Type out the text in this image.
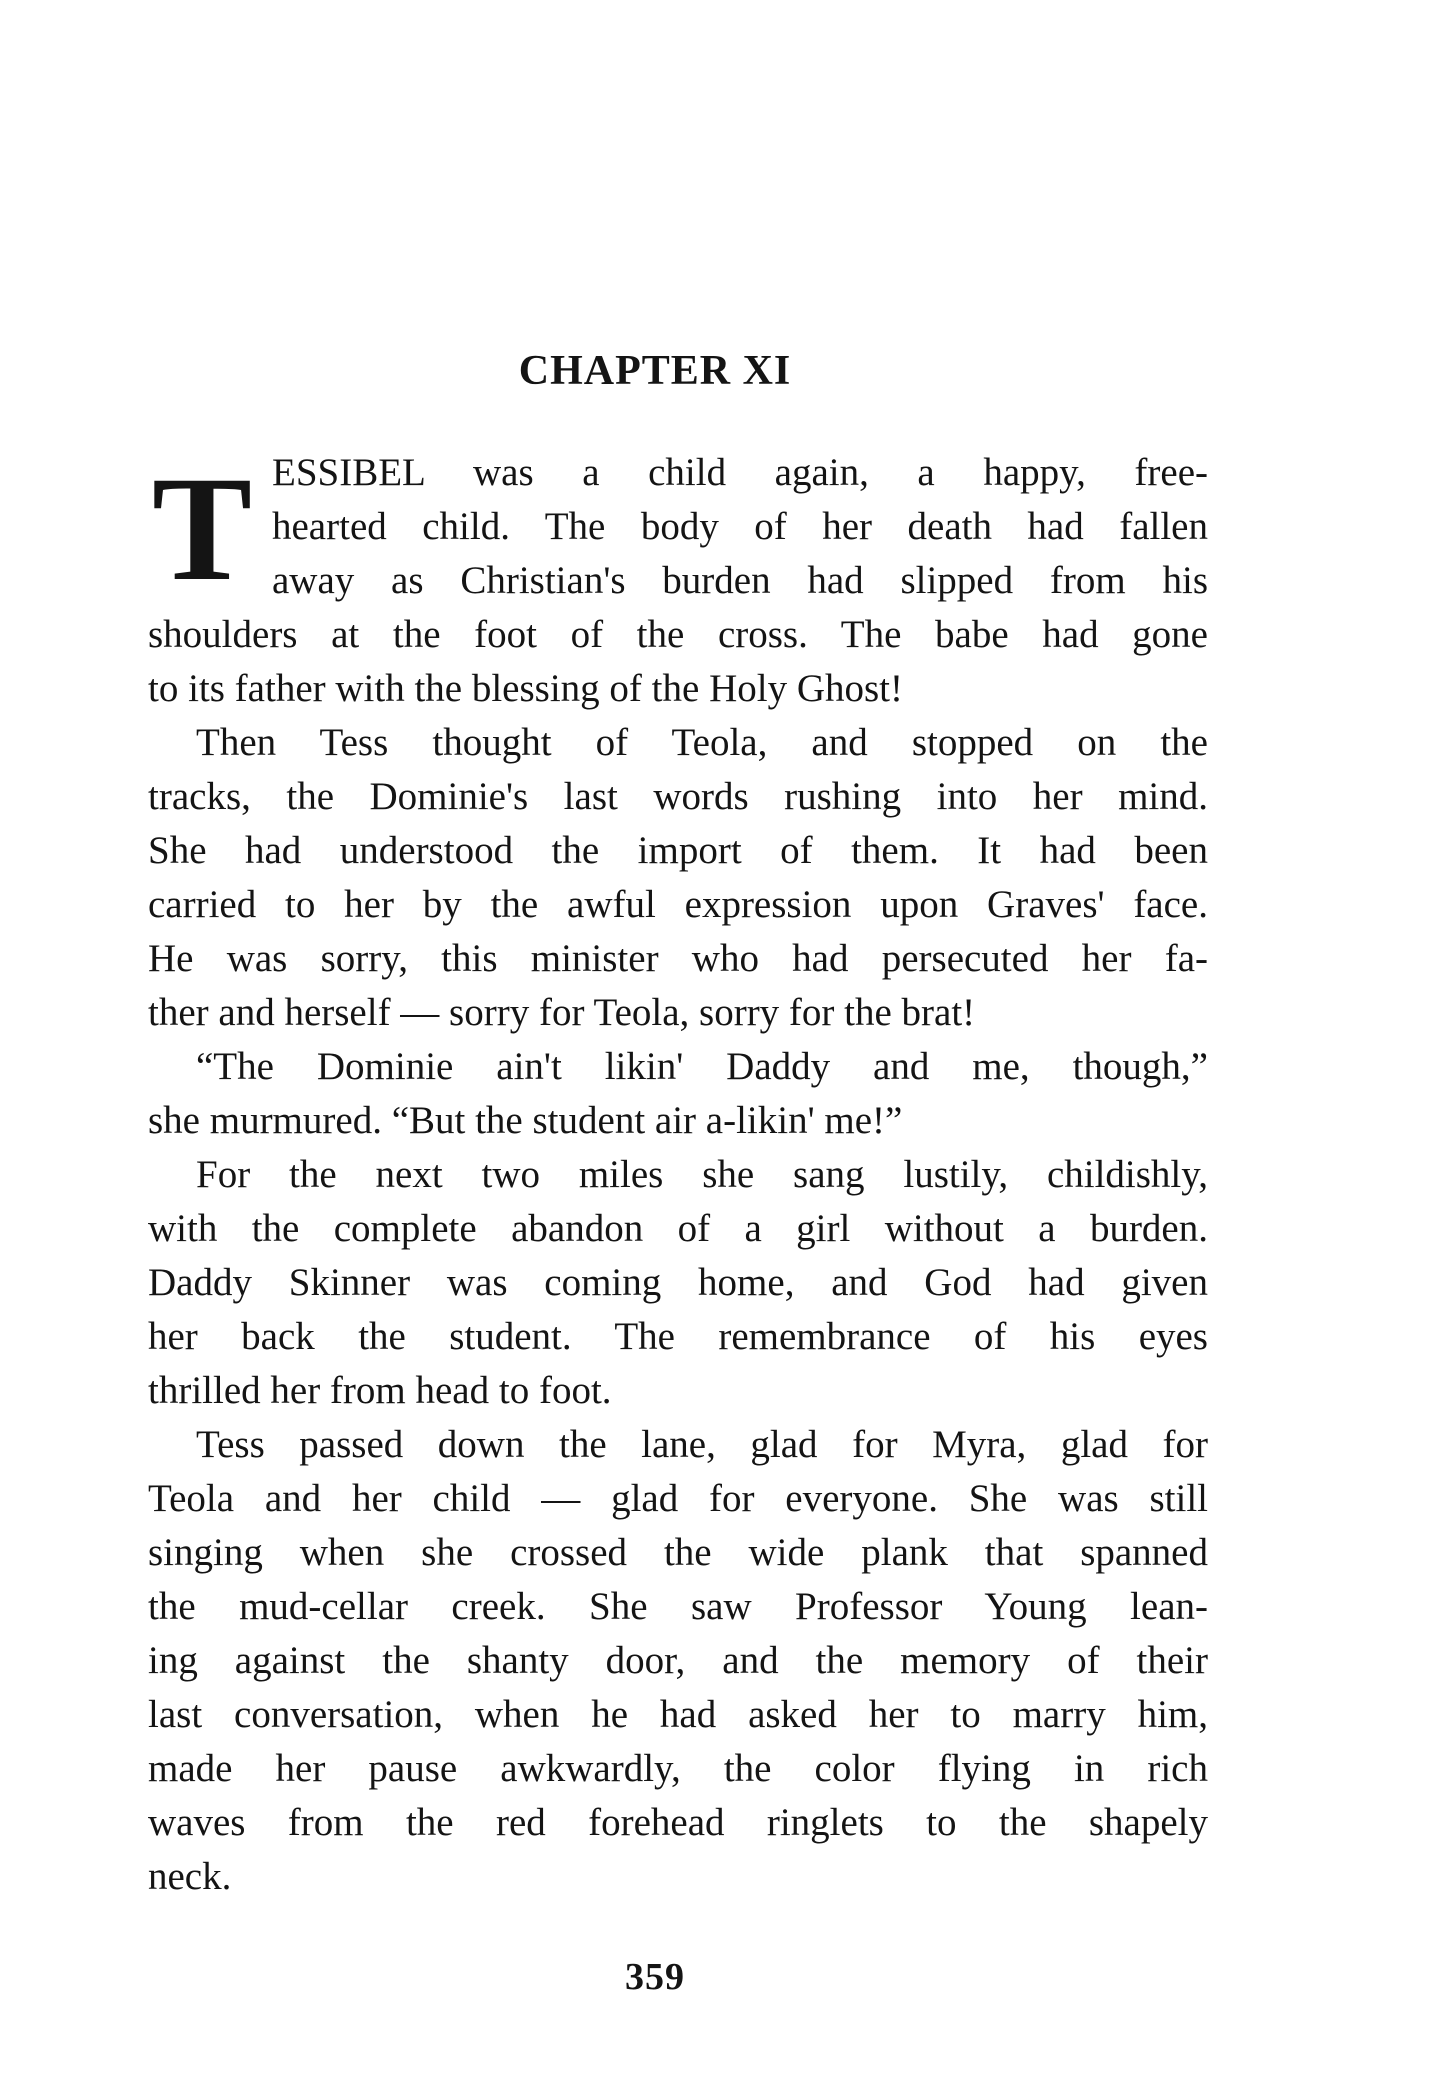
CHAPTER XI
T ESSIBEL was a child again, a happy, free-
hearted child. The body of her death had fallen
away as Christian's burden had slipped from his
shoulders at the foot of the cross. The babe had gone
to its father with the blessing of the Holy Ghost!
Then Tess thought of Teola, and stopped on the
tracks, the Dominie's last words rushing into her mind.
She had understood the import of them. It had been
carried to her by the awful expression upon Graves' face.
He was sorry, this minister who had persecuted her fa-
ther and herself — sorry for Teola, sorry for the brat!
“The Dominie ain't likin' Daddy and me, though,”
she murmured. “But the student air a-likin' me!”
For the next two miles she sang lustily, childishly,
with the complete abandon of a girl without a burden.
Daddy Skinner was coming home, and God had given
her back the student. The remembrance of his eyes
thrilled her from head to foot.
Tess passed down the lane, glad for Myra, glad for
Teola and her child — glad for everyone. She was still
singing when she crossed the wide plank that spanned
the mud-cellar creek. She saw Professor Young lean-
ing against the shanty door, and the memory of their
last conversation, when he had asked her to marry him,
made her pause awkwardly, the color flying in rich
waves from the red forehead ringlets to the shapely
neck.
359
